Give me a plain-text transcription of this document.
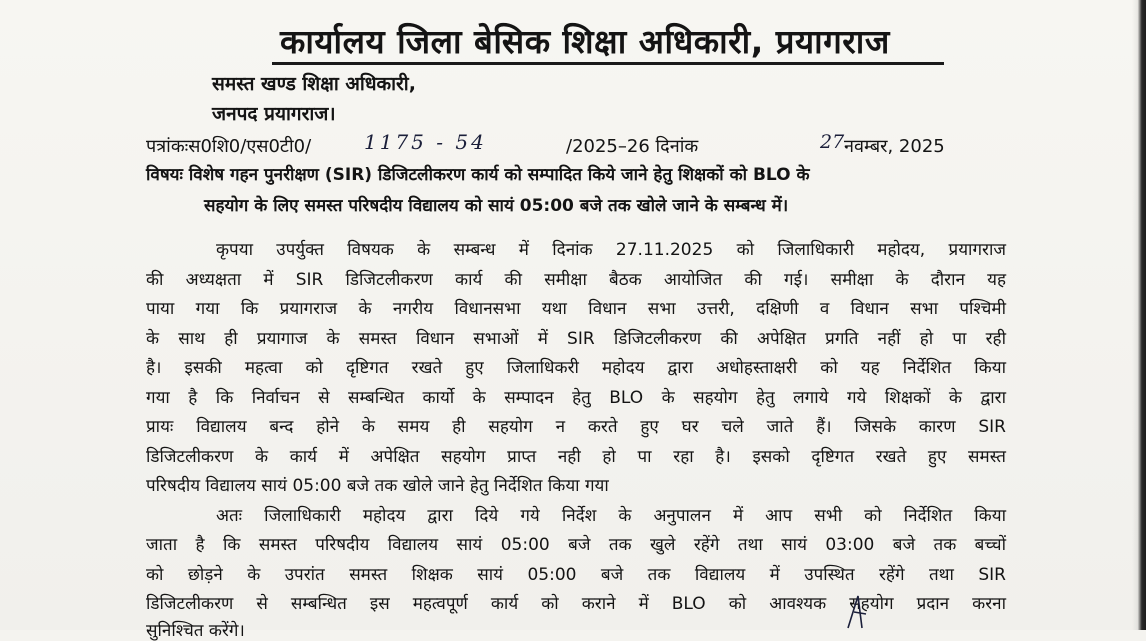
कार्यालय जिला बेसिक शिक्षा अधिकारी, प्रयागराज
समस्त खण्ड शिक्षा अधिकारी,
जनपद प्रयागराज।
पत्रांकःस0शि0/एस0टी0/	1175 - 54	/2025–26 दिनांक	27 नवम्बर, 2025
विषयः विशेष गहन पुनरीक्षण (SIR) डिजिटलीकरण कार्य को सम्पादित किये जाने हेतु शिक्षकों को BLO के
सहयोग के लिए समस्त परिषदीय विद्यालय को सायं 05:00 बजे तक खोले जाने के सम्बन्ध में।
कृपया उपर्युक्त विषयक के सम्बन्ध में दिनांक 27.11.2025 को जिलाधिकारी महोदय, प्रयागराज
की अध्यक्षता में SIR डिजिटलीकरण कार्य की समीक्षा बैठक आयोजित की गई। समीक्षा के दौरान यह
पाया गया कि प्रयागराज के नगरीय विधानसभा यथा विधान सभा उत्तरी, दक्षिणी व विधान सभा पश्चिमी
के साथ ही प्रयागाज के समस्त विधान सभाओं में SIR डिजिटलीकरण की अपेक्षित प्रगति नहीं हो पा रही
है। इसकी महत्वा को दृष्टिगत रखते हुए जिलाधिकरी महोदय द्वारा अधोहस्ताक्षरी को यह निर्देशित किया
गया है कि निर्वाचन से सम्बन्धित कार्यो के सम्पादन हेतु BLO के सहयोग हेतु लगाये गये शिक्षकों के द्वारा
प्रायः विद्यालय बन्द होने के समय ही सहयोग न करते हुए घर चले जाते हैं। जिसके कारण SIR
डिजिटलीकरण के कार्य में अपेक्षित सहयोग प्राप्त नही हो पा रहा है। इसको दृष्टिगत रखते हुए समस्त
परिषदीय विद्यालय सायं 05:00 बजे तक खोले जाने हेतु निर्देशित किया गया
अतः जिलाधिकारी महोदय द्वारा दिये गये निर्देश के अनुपालन में आप सभी को निर्देशित किया
जाता है कि समस्त परिषदीय विद्यालय सायं 05:00 बजे तक खुले रहेंगे तथा सायं 03:00 बजे तक बच्चों
को छोड़ने के उपरांत समस्त शिक्षक सायं 05:00 बजे तक विद्यालय में उपस्थित रहेंगे तथा SIR
डिजिटलीकरण से सम्बन्धित इस महत्वपूर्ण कार्य को कराने में BLO को आवश्यक सहयोग प्रदान करना
सुनिश्चित करेंगे।
